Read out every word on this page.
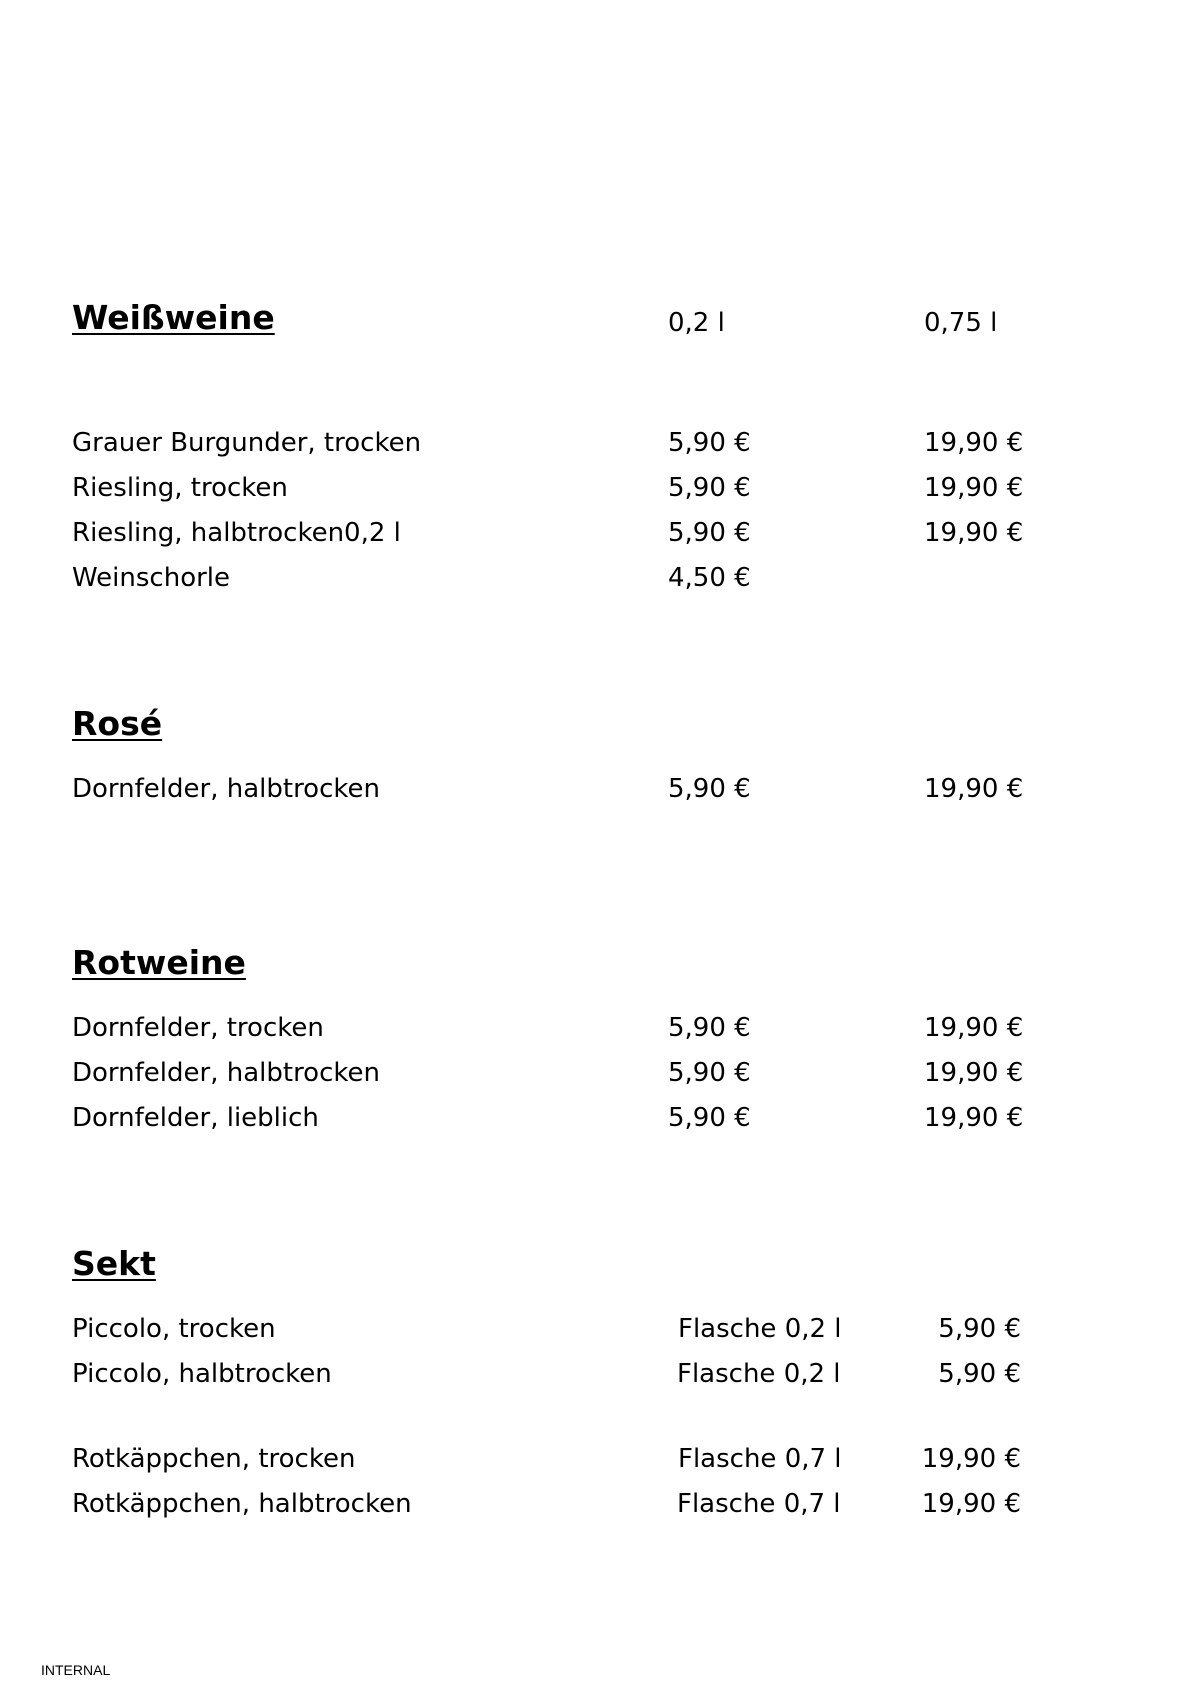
Weißweine	0,2 l	0,75 l
Grauer Burgunder, trocken	5,90 €	19,90 €
Riesling, trocken	5,90 €	19,90 €
Riesling, halbtrocken0,2 l	5,90 €	19,90 €
Weinschorle	4,50 €
Rosé
Dornfelder, halbtrocken	5,90 €	19,90 €
Rotweine
Dornfelder, trocken	5,90 €	19,90 €
Dornfelder, halbtrocken	5,90 €	19,90 €
Dornfelder, lieblich	5,90 €	19,90 €
Sekt
Piccolo, trocken	Flasche 0,2 l	5,90 €
Piccolo, halbtrocken	Flasche 0,2 l	5,90 €
Rotkäppchen, trocken	Flasche 0,7 l	19,90 €
Rotkäppchen, halbtrocken	Flasche 0,7 l	19,90 €
INTERNAL
